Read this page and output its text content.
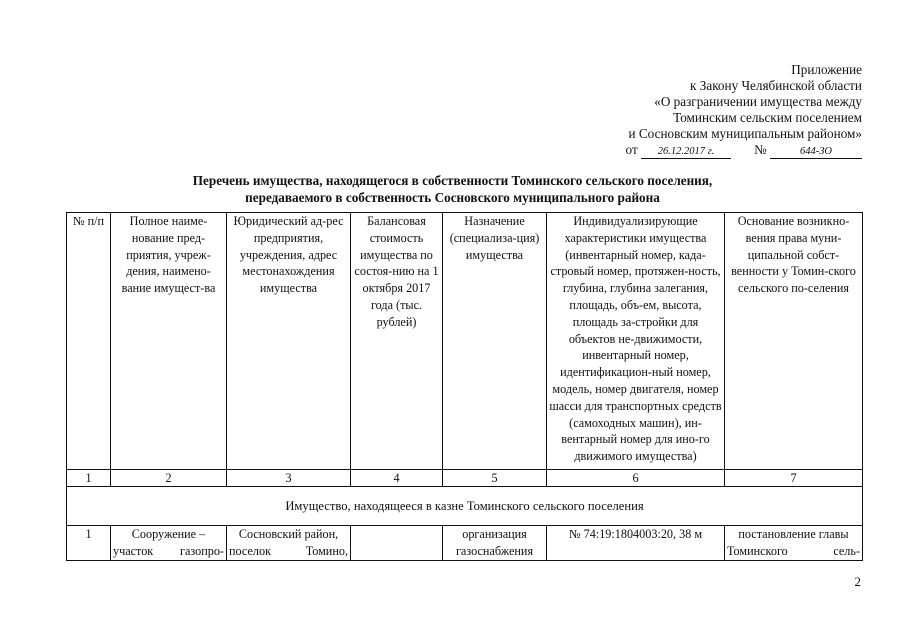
Приложение
к Закону Челябинской области
«О разграничении имущества между
Томинским сельским поселением
и Сосновским муниципальным районом»
от 26.12.2017 г.	№	644-ЗО
Перечень имущества, находящегося в собственности Томинского сельского поселения,
передаваемого в собственность Сосновского муниципального района
№ п/п	Полное наиме-нование пред-приятия, учреж-дения, наимено-вание имущест-ва	Юридический ад-рес предприятия, учреждения, адрес местонахождения имущества	Балансовая стоимость имущества по состоя-нию на 1 октября 2017 года (тыс. рублей)	Назначение (специализа-ция) имущества	Индивидуализирующие характеристики имущества (инвентарный номер, када-стровый номер, протяжен-ность, глубина, глубина залегания, площадь, объ-ем, высота, площадь за-стройки для объектов не-движимости, инвентарный номер, идентификацион-ный номер, модель, номер двигателя, номер шасси для транспортных средств (самоходных машин), ин-вентарный номер для ино-го движимого имущества)	Основание возникно-вения права муни-ципальной собст-венности у Томин-ского сельского по-селения
1	2	3	4	5	6	7
Имущество, находящееся в казне Томинского сельского поселения						
1	Сооружение – участок газопро-	Сосновский район, поселок Томино,		организация газоснабжения	№ 74:19:1804003:20, 38 м	постановление главы Томинского сель-
2
